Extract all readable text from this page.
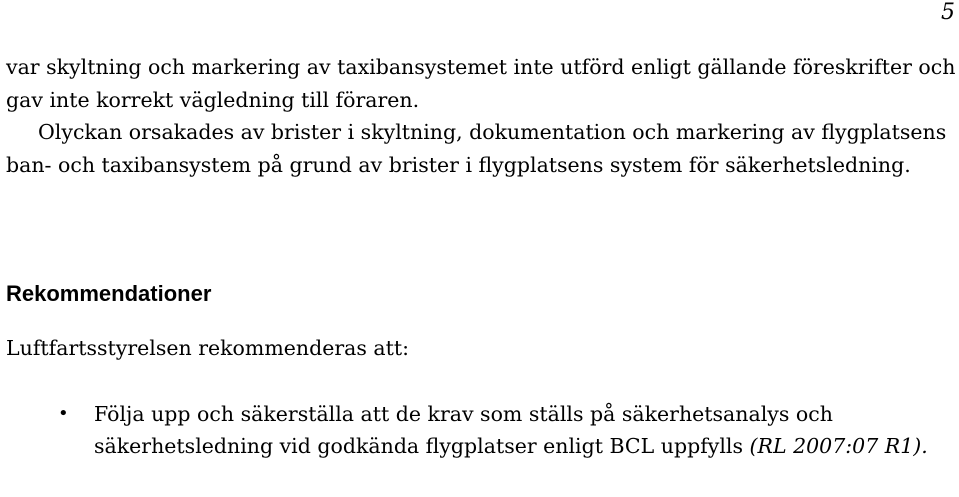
5

var skyltning och markering av taxibansystemet inte utförd enligt gällande föreskrifter och gav inte korrekt vägledning till föraren.

Olyckan orsakades av brister i skyltning, dokumentation och markering av flygplatsens ban- och taxibansystem på grund av brister i flygplatsens system för säkerhetsledning.

Rekommendationer

Luftfartsstyrelsen rekommenderas att:

• Följa upp och säkerställa att de krav som ställs på säkerhetsanalys och säkerhetsledning vid godkända flygplatser enligt BCL uppfylls (RL 2007:07 R1).
